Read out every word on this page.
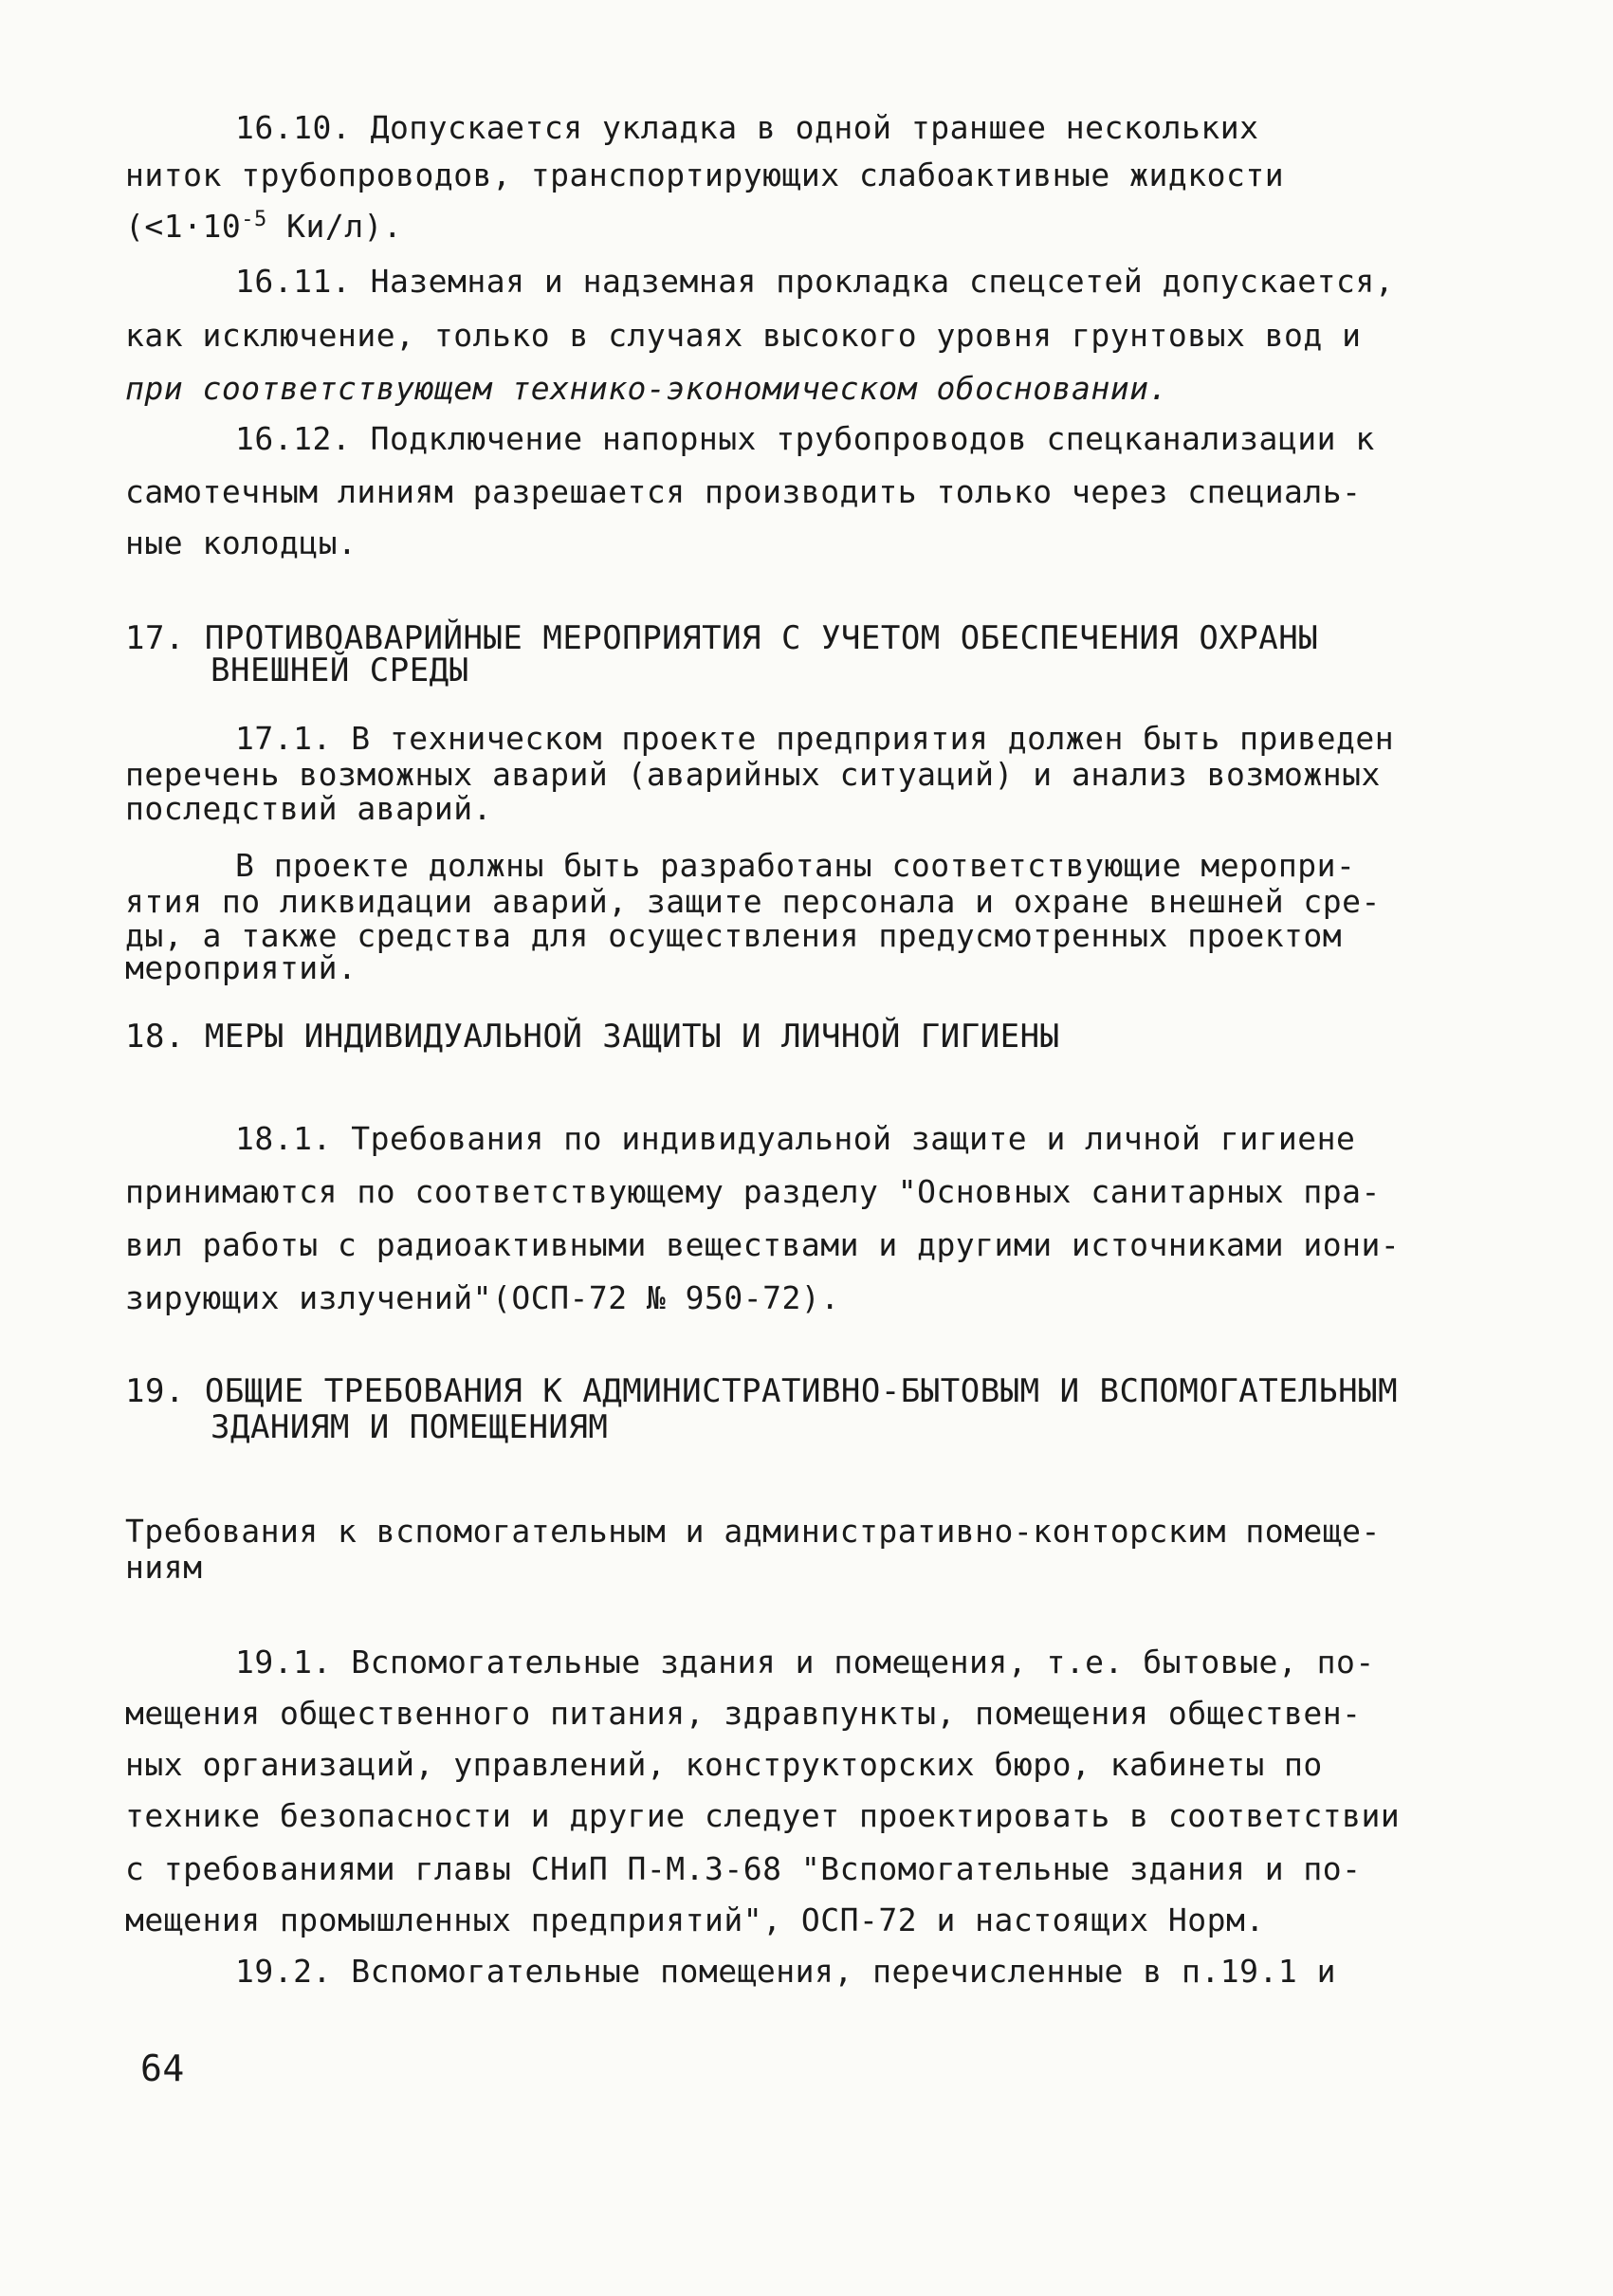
16.10. Допускается укладка в одной траншее нескольких
ниток трубопроводов, транспортирующих слабоактивные жидкости
($<1\cdot 10^{-5}$ Ки/л).
16.11. Наземная и надземная прокладка спецсетей допускается,
как исключение, только в случаях высокого уровня грунтовых вод и
при соответствующем технико-экономическом обосновании.
16.12. Подключение напорных трубопроводов спецканализации к
самотечным линиям разрешается производить только через специаль-
ные колодцы.
17. ПРОТИВОАВАРИЙНЫЕ МЕРОПРИЯТИЯ С УЧЕТОМ ОБЕСПЕЧЕНИЯ ОХРАНЫ
ВНЕШНЕЙ СРЕДЫ
17.1. В техническом проекте предприятия должен быть приведен
перечень возможных аварий (аварийных ситуаций) и анализ возможных
последствий аварий.
В проекте должны быть разработаны соответствующие меропри-
ятия по ликвидации аварий, защите персонала и охране внешней сре-
ды, а также средства для осуществления предусмотренных проектом
мероприятий.
18. МЕРЫ ИНДИВИДУАЛЬНОЙ ЗАЩИТЫ И ЛИЧНОЙ ГИГИЕНЫ
18.1. Требования по индивидуальной защите и личной гигиене
принимаются по соответствующему разделу "Основных санитарных пра-
вил работы с радиоактивными веществами и другими источниками иони-
зирующих излучений"(ОСП-72 № 950-72).
19. ОБЩИЕ ТРЕБОВАНИЯ К АДМИНИСТРАТИВНО-БЫТОВЫМ И ВСПОМОГАТЕЛЬНЫМ
ЗДАНИЯМ И ПОМЕЩЕНИЯМ
Требования к вспомогательным и административно-конторским помеще-
ниям
19.1. Вспомогательные здания и помещения, т.е. бытовые, по-
мещения общественного питания, здравпункты, помещения обществен-
ных организаций, управлений, конструкторских бюро, кабинеты по
технике безопасности и другие следует проектировать в соответствии
с требованиями главы СНиП П-М.3-68 "Вспомогательные здания и по-
мещения промышленных предприятий", ОСП-72 и настоящих Норм.
19.2. Вспомогательные помещения, перечисленные в п.19.1 и
64
